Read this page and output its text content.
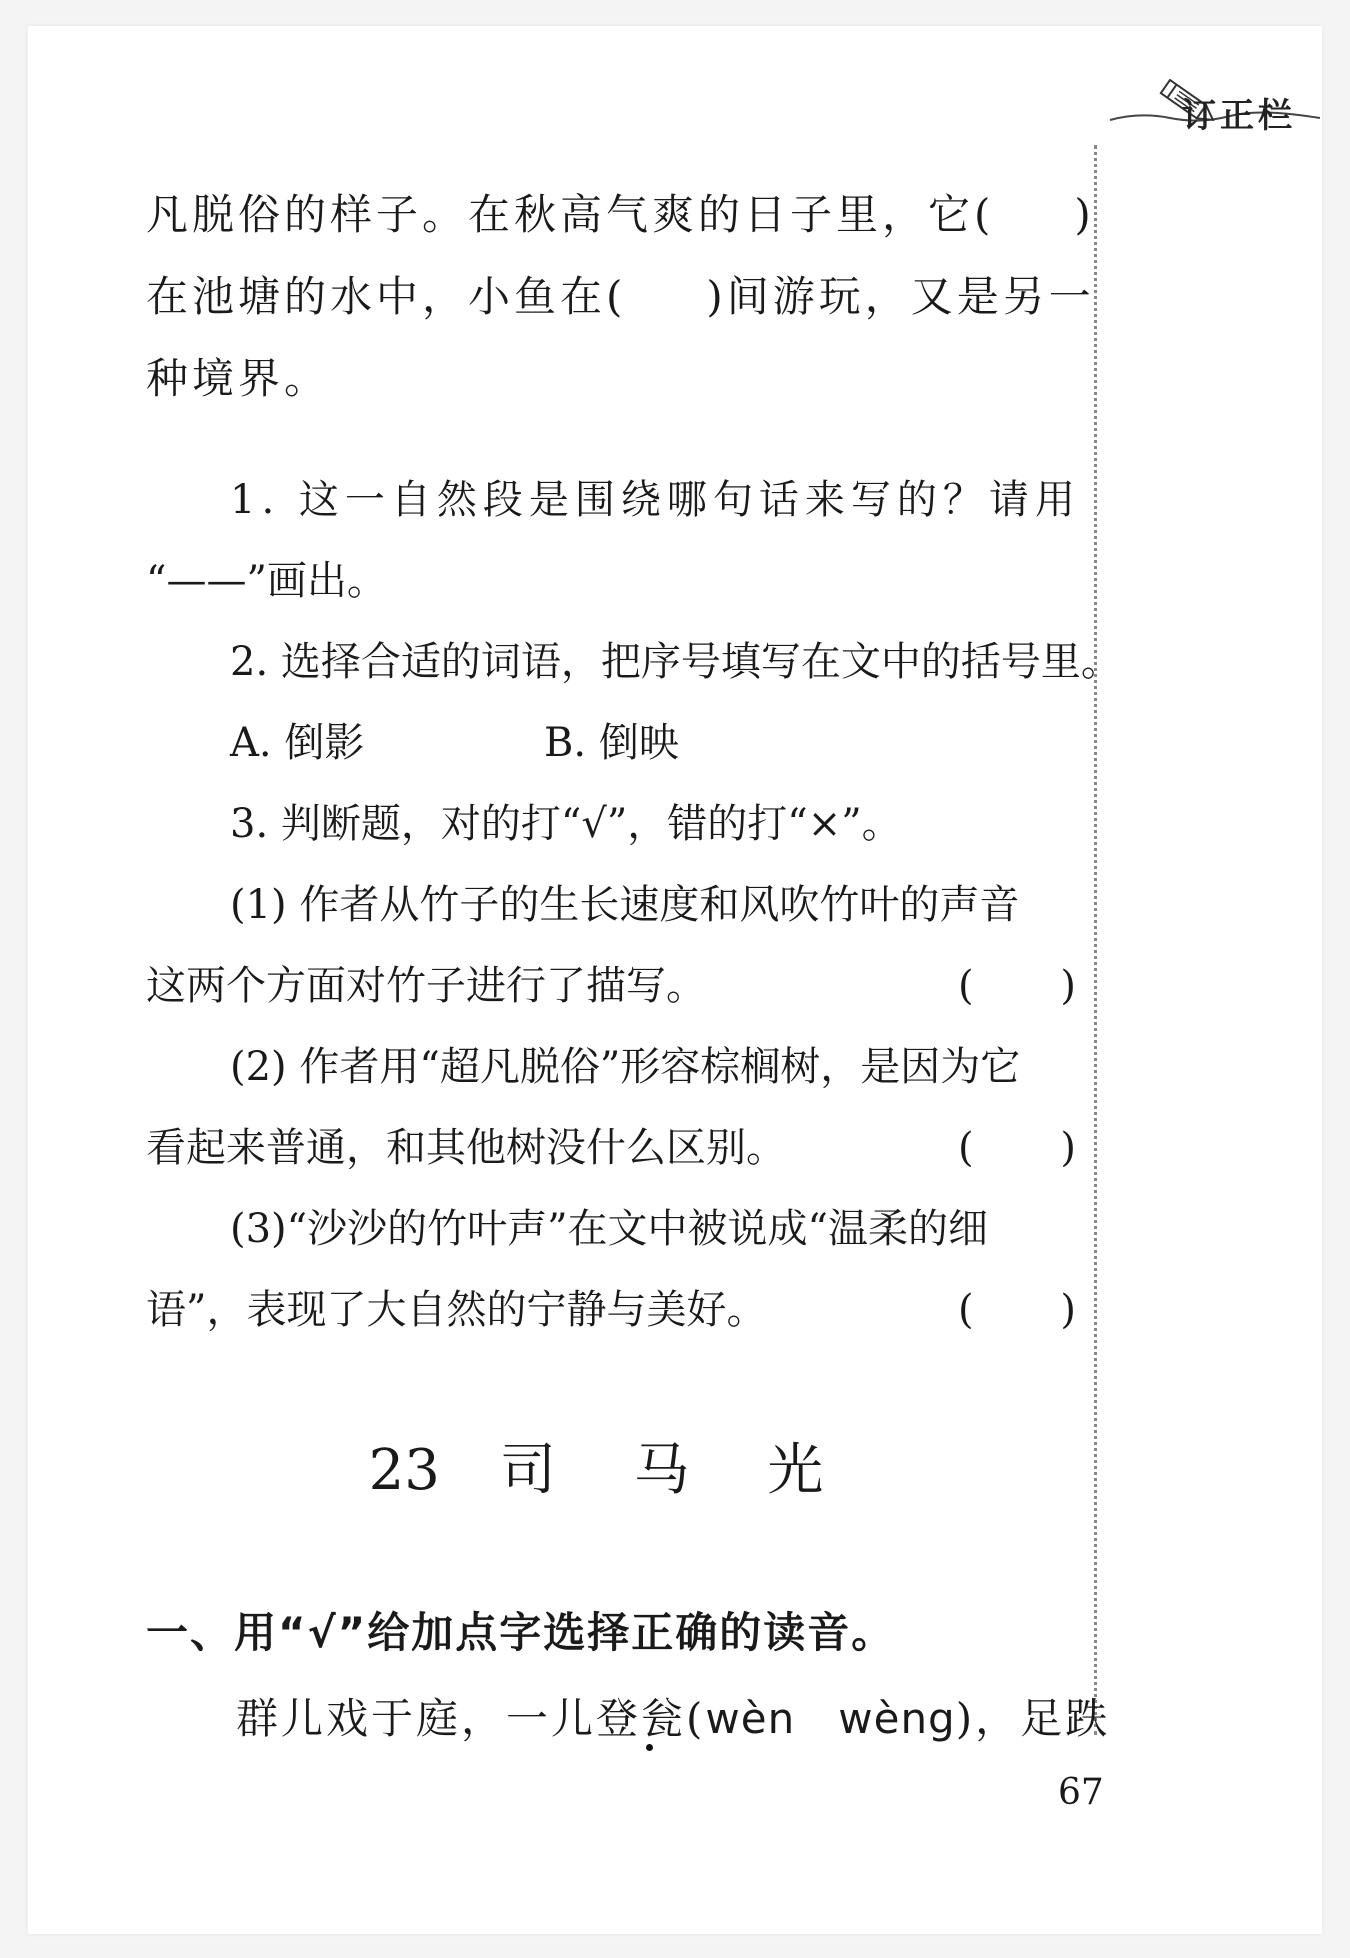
订正栏
凡脱俗的样子。在秋高气爽的日子里，它(	)
在池塘的水中，小鱼在(	)间游玩，又是另一
种境界。
1. 这一自然段是围绕哪句话来写的？请用
“——”画出。
2. 选择合适的词语，把序号填写在文中的括号里。
A. 倒影	B. 倒映
3. 判断题，对的打“√”，错的打“×”。
(1) 作者从竹子的生长速度和风吹竹叶的声音
这两个方面对竹子进行了描写。	( )
(2) 作者用“超凡脱俗”形容棕榈树，是因为它
看起来普通，和其他树没什么区别。	( )
(3)“沙沙的竹叶声”在文中被说成“温柔的细
语”，表现了大自然的宁静与美好。	( )
23 司 马 光
一、用“√”给加点字选择正确的读音。
群儿戏于庭，一儿登瓮(wèn   wèng)，足跌
67
